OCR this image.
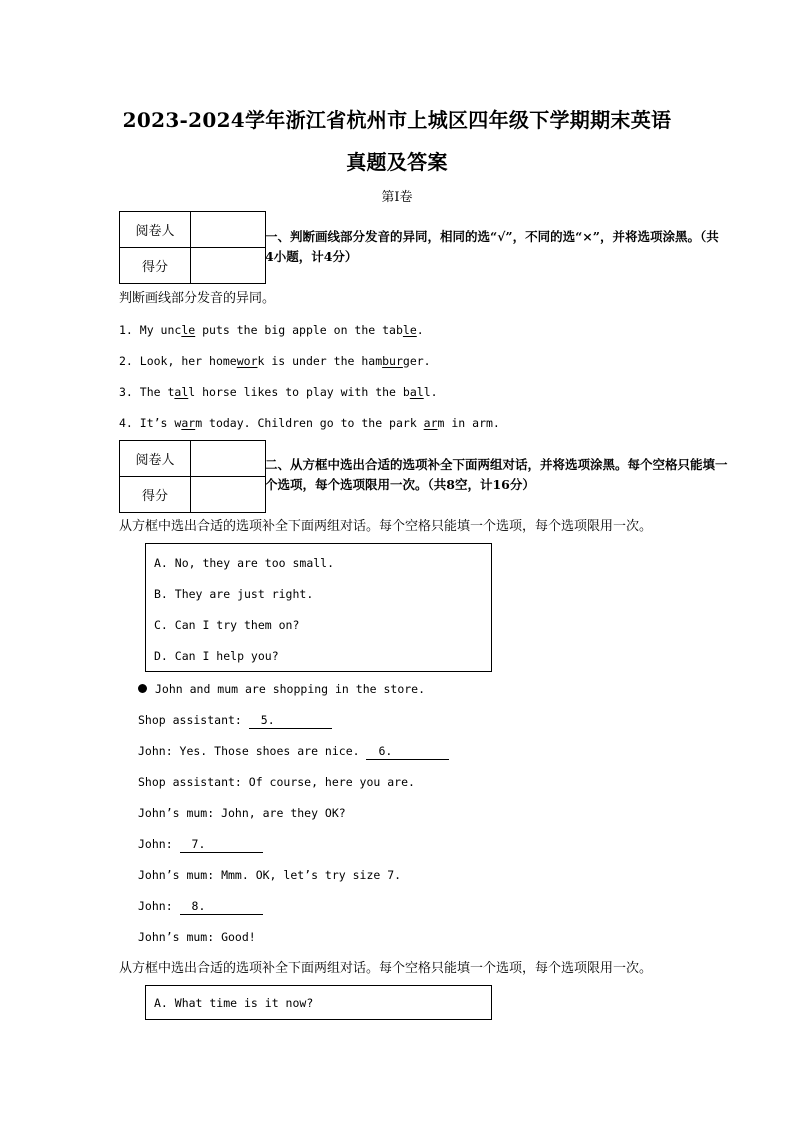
2023-2024学年浙江省杭州市上城区四年级下学期期末英语
真题及答案
第I卷
阅卷人	
得分	
一、判断画线部分发音的异同，相同的选“√”，不同的选“×”，并将选项涂黑。（共
4小题，计4分）
判断画线部分发音的异同。
1. My uncle puts the big apple on the table.
2. Look, her homework is under the hamburger.
3. The tall horse likes to play with the ball.
4. It’s warm today. Children go to the park arm in arm.
阅卷人	
得分	
二、从方框中选出合适的选项补全下面两组对话，并将选项涂黑。每个空格只能填一
个选项，每个选项限用一次。（共8空，计16分）
从方框中选出合适的选项补全下面两组对话。每个空格只能填一个选项，每个选项限用一次。
A. No, they are too small.
B. They are just right.
C. Can I try them on?
D. Can I help you?
John and mum are shopping in the store.
Shop assistant: 5.
John: Yes. Those shoes are nice. 6.
Shop assistant: Of course, here you are.
John’s mum: John, are they OK?
John: 7.
John’s mum: Mmm. OK, let’s try size 7.
John: 8.
John’s mum: Good!
从方框中选出合适的选项补全下面两组对话。每个空格只能填一个选项，每个选项限用一次。
A. What time is it now?
